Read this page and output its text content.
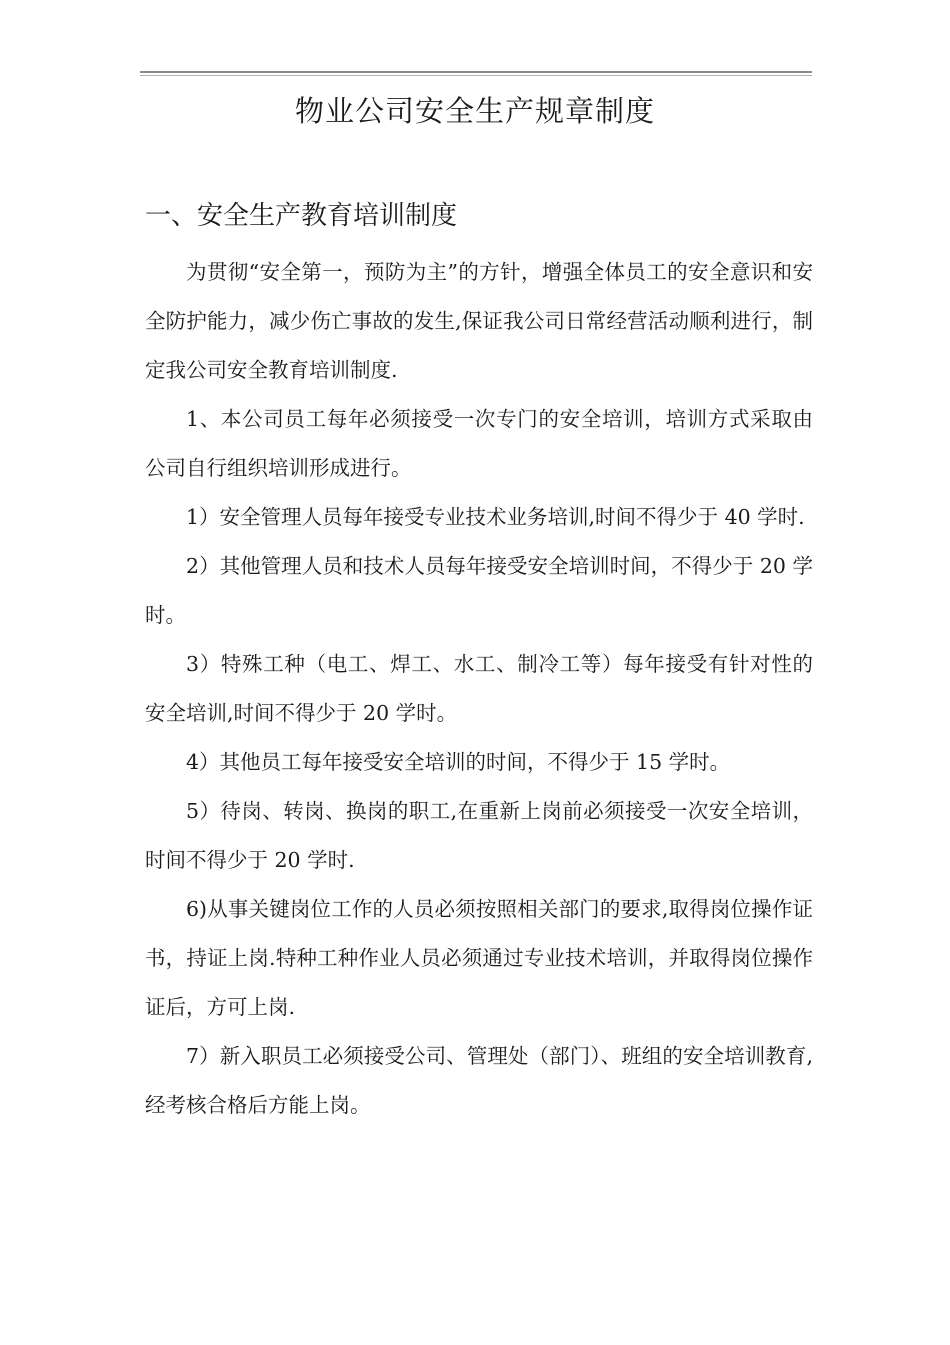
物业公司安全生产规章制度
一、安全生产教育培训制度

为贯彻“安全第一，预防为主”的方针，增强全体员工的安全意识和安全防护能力，减少伤亡事故的发生,保证我公司日常经营活动顺利进行，制定我公司安全教育培训制度.

1、本公司员工每年必须接受一次专门的安全培训，培训方式采取由公司自行组织培训形成进行。

1）安全管理人员每年接受专业技术业务培训,时间不得少于 40 学时.

2）其他管理人员和技术人员每年接受安全培训时间，不得少于 20 学时。

3）特殊工种（电工、焊工、水工、制冷工等）每年接受有针对性的安全培训,时间不得少于 20 学时。

4）其他员工每年接受安全培训的时间，不得少于 15 学时。

5）待岗、转岗、换岗的职工,在重新上岗前必须接受一次安全培训，时间不得少于 20 学时.

6)从事关键岗位工作的人员必须按照相关部门的要求,取得岗位操作证书，持证上岗.特种工种作业人员必须通过专业技术培训，并取得岗位操作证后，方可上岗.

7）新入职员工必须接受公司、管理处（部门）、班组的安全培训教育,经考核合格后方能上岗。
